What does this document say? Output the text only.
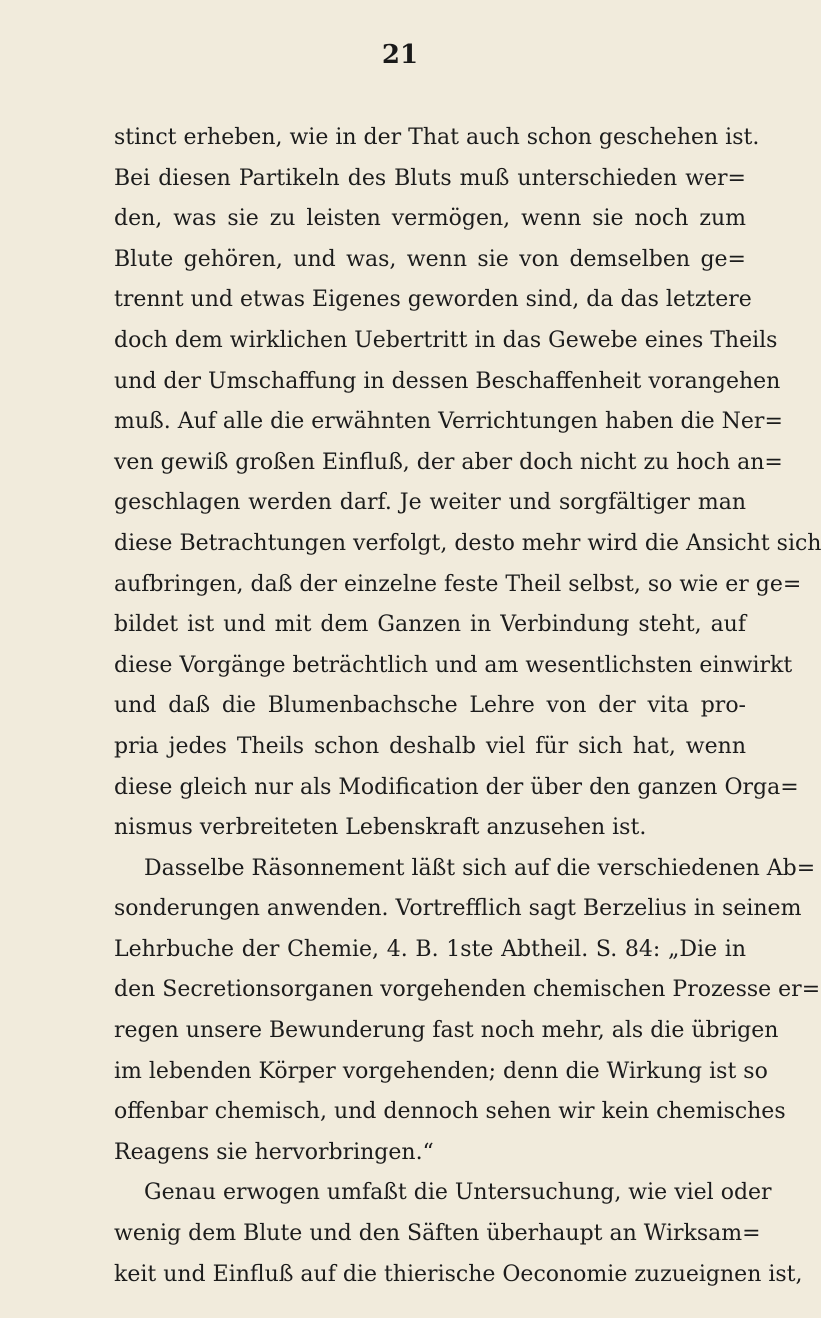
21
stinct erheben, wie in der That auch schon geschehen ist.
Bei diesen Partikeln des Bluts muß unterschieden wer=
den, was sie zu leisten vermögen, wenn sie noch zum
Blute gehören, und was, wenn sie von demselben ge=
trennt und etwas Eigenes geworden sind, da das letztere
doch dem wirklichen Uebertritt in das Gewebe eines Theils
und der Umschaffung in dessen Beschaffenheit vorangehen
muß. Auf alle die erwähnten Verrichtungen haben die Ner=
ven gewiß großen Einfluß, der aber doch nicht zu hoch an=
geschlagen werden darf. Je weiter und sorgfältiger man
diese Betrachtungen verfolgt, desto mehr wird die Ansicht sich
aufbringen, daß der einzelne feste Theil selbst, so wie er ge=
bildet ist und mit dem Ganzen in Verbindung steht, auf
diese Vorgänge beträchtlich und am wesentlichsten einwirkt
und daß die Blumenbachsche Lehre von der vita pro-
pria jedes Theils schon deshalb viel für sich hat, wenn
diese gleich nur als Modification der über den ganzen Orga=
nismus verbreiteten Lebenskraft anzusehen ist.
Dasselbe Räsonnement läßt sich auf die verschiedenen Ab=
sonderungen anwenden. Vortrefflich sagt Berzelius in seinem
Lehrbuche der Chemie, 4. B. 1ste Abtheil. S. 84: „Die in
den Secretionsorganen vorgehenden chemischen Prozesse er=
regen unsere Bewunderung fast noch mehr, als die übrigen
im lebenden Körper vorgehenden; denn die Wirkung ist so
offenbar chemisch, und dennoch sehen wir kein chemisches
Reagens sie hervorbringen.“
Genau erwogen umfaßt die Untersuchung, wie viel oder
wenig dem Blute und den Säften überhaupt an Wirksam=
keit und Einfluß auf die thierische Oeconomie zuzueignen ist,
